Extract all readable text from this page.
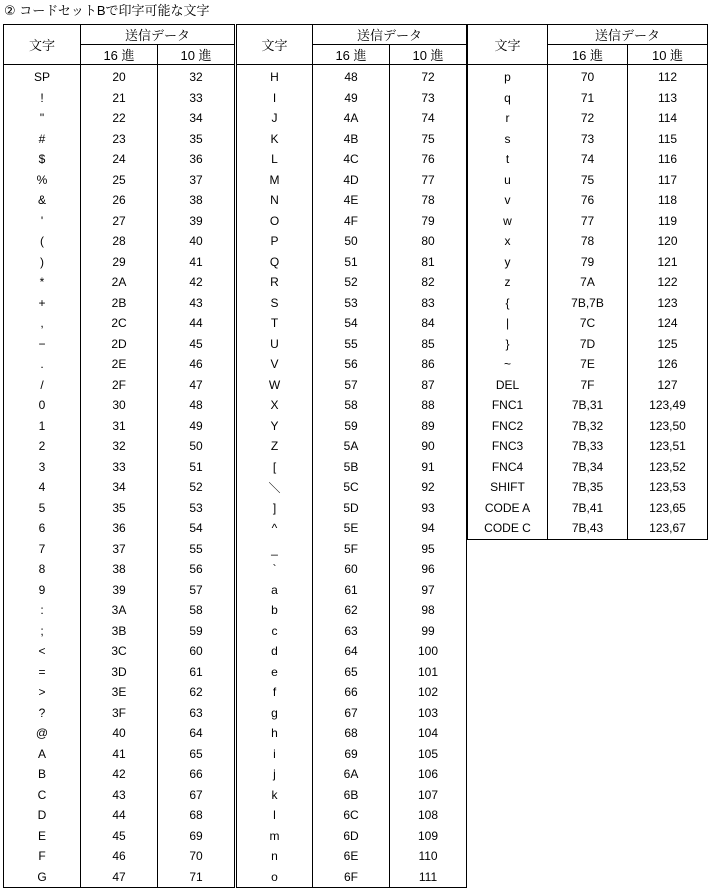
② コードセットBで印字可能な文字
文字	送信データ	
	16 進	10 進
SP	20	32
!	21	33
"	22	34
#	23	35
$	24	36
%	25	37
&	26	38
'	27	39
(	28	40
)	29	41
*	2A	42
+	2B	43
,	2C	44
−	2D	45
.	2E	46
/	2F	47
0	30	48
1	31	49
2	32	50
3	33	51
4	34	52
5	35	53
6	36	54
7	37	55
8	38	56
9	39	57
:	3A	58
;	3B	59
<	3C	60
=	3D	61
>	3E	62
?	3F	63
@	40	64
A	41	65
B	42	66
C	43	67
D	44	68
E	45	69
F	46	70
G	47	71
文字	送信データ	
	16 進	10 進
H	48	72
I	49	73
J	4A	74
K	4B	75
L	4C	76
M	4D	77
N	4E	78
O	4F	79
P	50	80
Q	51	81
R	52	82
S	53	83
T	54	84
U	55	85
V	56	86
W	57	87
X	58	88
Y	59	89
Z	5A	90
[	5B	91
＼	5C	92
]	5D	93
^	5E	94
_	5F	95
`	60	96
a	61	97
b	62	98
c	63	99
d	64	100
e	65	101
f	66	102
g	67	103
h	68	104
i	69	105
j	6A	106
k	6B	107
l	6C	108
m	6D	109
n	6E	110
o	6F	111
文字	送信データ	
	16 進	10 進
p	70	112
q	71	113
r	72	114
s	73	115
t	74	116
u	75	117
v	76	118
w	77	119
x	78	120
y	79	121
z	7A	122
{	7B,7B	123
|	7C	124
}	7D	125
~	7E	126
DEL	7F	127
FNC1	7B,31	123,49
FNC2	7B,32	123,50
FNC3	7B,33	123,51
FNC4	7B,34	123,52
SHIFT	7B,35	123,53
CODE A	7B,41	123,65
CODE C	7B,43	123,67
